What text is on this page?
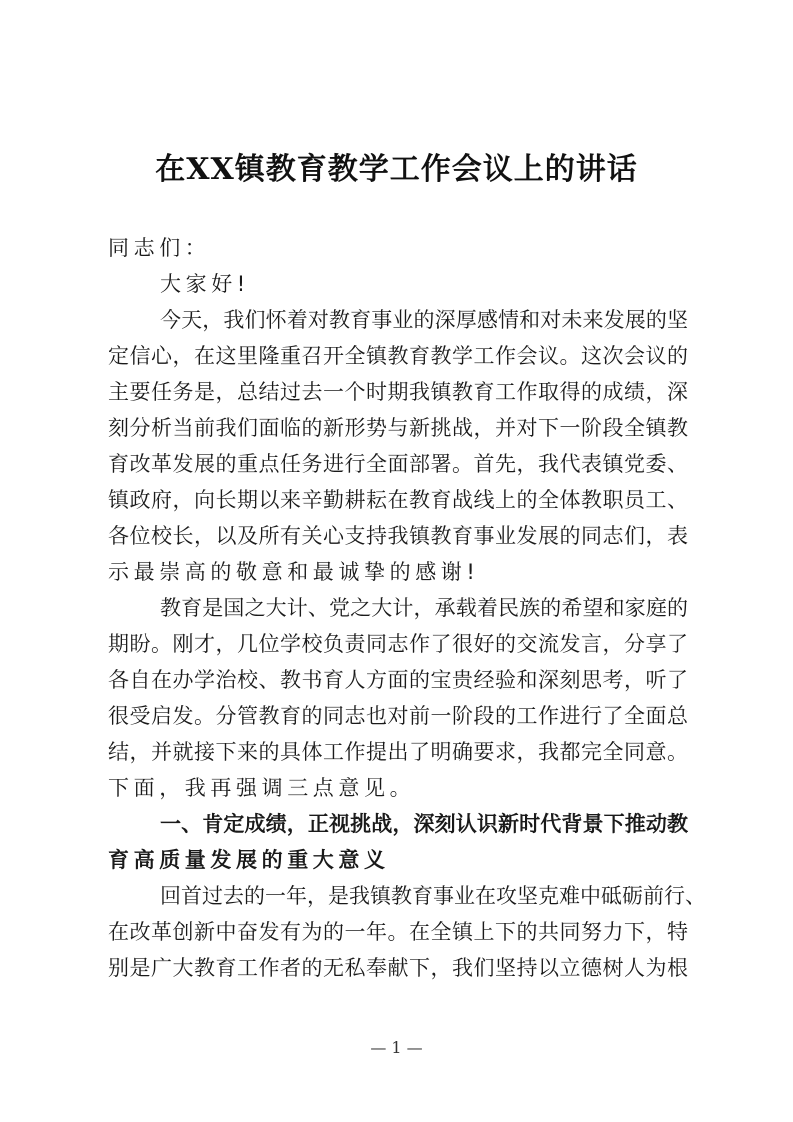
在XX镇教育教学工作会议上的讲话
同志们：
大家好!
今 天 ， 我 们 怀 着 对 教 育 事 业 的 深 厚 感 情 和 对 未 来 发 展 的 坚
定 信 心 ， 在 这 里 隆 重 召 开 全 镇 教 育 教 学 工 作 会 议 。 这 次 会 议 的
主 要 任 务 是 ， 总 结 过 去 一 个 时 期 我 镇 教 育 工 作 取 得 的 成 绩 ， 深
刻 分 析 当 前 我 们 面 临 的 新 形 势 与 新 挑 战 ， 并 对 下 一 阶 段 全 镇 教
育 改 革 发 展 的 重 点 任 务 进 行 全 面 部 署 。 首 先 ， 我 代 表 镇 党 委 、
镇 政 府 ， 向 长 期 以 来 辛 勤 耕 耘 在 教 育 战 线 上 的 全 体 教 职 员 工 、
各 位 校 长 ， 以 及 所 有 关 心 支 持 我 镇 教 育 事 业 发 展 的 同 志 们 ， 表
示最崇高的敬意和最诚挚的感谢!
教 育 是 国 之 大 计 、 党 之 大 计 ， 承 载 着 民 族 的 希 望 和 家 庭 的
期 盼 。 刚 才 ， 几 位 学 校 负 责 同 志 作 了 很 好 的 交 流 发 言 ， 分 享 了
各 自 在 办 学 治 校 、 教 书 育 人 方 面 的 宝 贵 经 验 和 深 刻 思 考 ， 听 了
很 受 启 发 。 分 管 教 育 的 同 志 也 对 前 一 阶 段 的 工 作 进 行 了 全 面 总
结 ， 并 就 接 下 来 的 具 体 工 作 提 出 了 明 确 要 求 ， 我 都 完 全 同 意 。
下面，我再强调三点意见。
一 、 肯 定 成 绩 ， 正 视 挑 战 ， 深 刻 认 识 新 时 代 背 景 下 推 动 教
育高质量发展的重大意义
回 首 过 去 的 一 年 ， 是 我 镇 教 育 事 业 在 攻 坚 克 难 中 砥 砺 前 行 、
在 改 革 创 新 中 奋 发 有 为 的 一 年 。 在 全 镇 上 下 的 共 同 努 力 下 ， 特
别 是 广 大 教 育 工 作 者 的 无 私 奉 献 下 ， 我 们 坚 持 以 立 德 树 人 为 根
— 1 —
